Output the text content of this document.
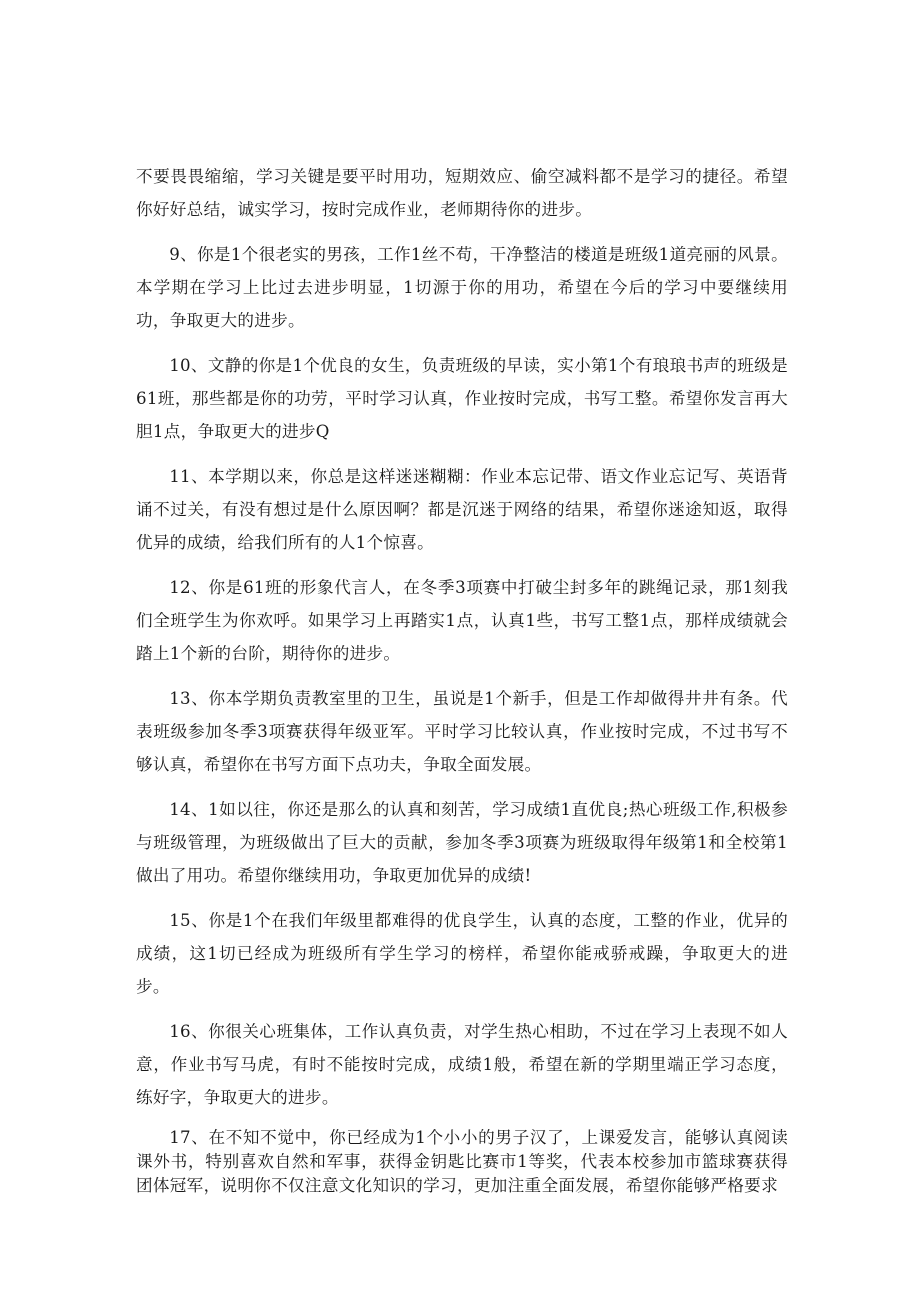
不要畏畏缩缩，学习关键是要平时用功，短期效应、偷空减料都不是学习的捷径。希望你好好总结，诚实学习，按时完成作业，老师期待你的进步。

9、你是1个很老实的男孩，工作1丝不苟，干净整洁的楼道是班级1道亮丽的风景。本学期在学习上比过去进步明显，1切源于你的用功，希望在今后的学习中要继续用功，争取更大的进步。

10、文静的你是1个优良的女生，负责班级的早读，实小第1个有琅琅书声的班级是61班，那些都是你的功劳，平时学习认真，作业按时完成，书写工整。希望你发言再大胆1点，争取更大的进步Q

11、本学期以来，你总是这样迷迷糊糊：作业本忘记带、语文作业忘记写、英语背诵不过关，有没有想过是什么原因啊？都是沉迷于网络的结果，希望你迷途知返，取得优异的成绩，给我们所有的人1个惊喜。

12、你是61班的形象代言人，在冬季3项赛中打破尘封多年的跳绳记录，那1刻我们全班学生为你欢呼。如果学习上再踏实1点，认真1些，书写工整1点，那样成绩就会踏上1个新的台阶，期待你的进步。

13、你本学期负责教室里的卫生，虽说是1个新手，但是工作却做得井井有条。代表班级参加冬季3项赛获得年级亚军。平时学习比较认真，作业按时完成，不过书写不够认真，希望你在书写方面下点功夫，争取全面发展。

14、1如以往，你还是那么的认真和刻苦，学习成绩1直优良;热心班级工作,积极参与班级管理，为班级做出了巨大的贡献，参加冬季3项赛为班级取得年级第1和全校第1做出了用功。希望你继续用功，争取更加优异的成绩!

15、你是1个在我们年级里都难得的优良学生，认真的态度，工整的作业，优异的成绩，这1切已经成为班级所有学生学习的榜样，希望你能戒骄戒躁，争取更大的进步。

16、你很关心班集体，工作认真负责，对学生热心相助，不过在学习上表现不如人意，作业书写马虎，有时不能按时完成，成绩1般，希望在新的学期里端正学习态度，练好字，争取更大的进步。

17、在不知不觉中，你已经成为1个小小的男子汉了，上课爱发言，能够认真阅读课外书，特别喜欢自然和军事，获得金钥匙比赛市1等奖，代表本校参加市篮球赛获得团体冠军，说明你不仅注意文化知识的学习，更加注重全面发展，希望你能够严格要求
